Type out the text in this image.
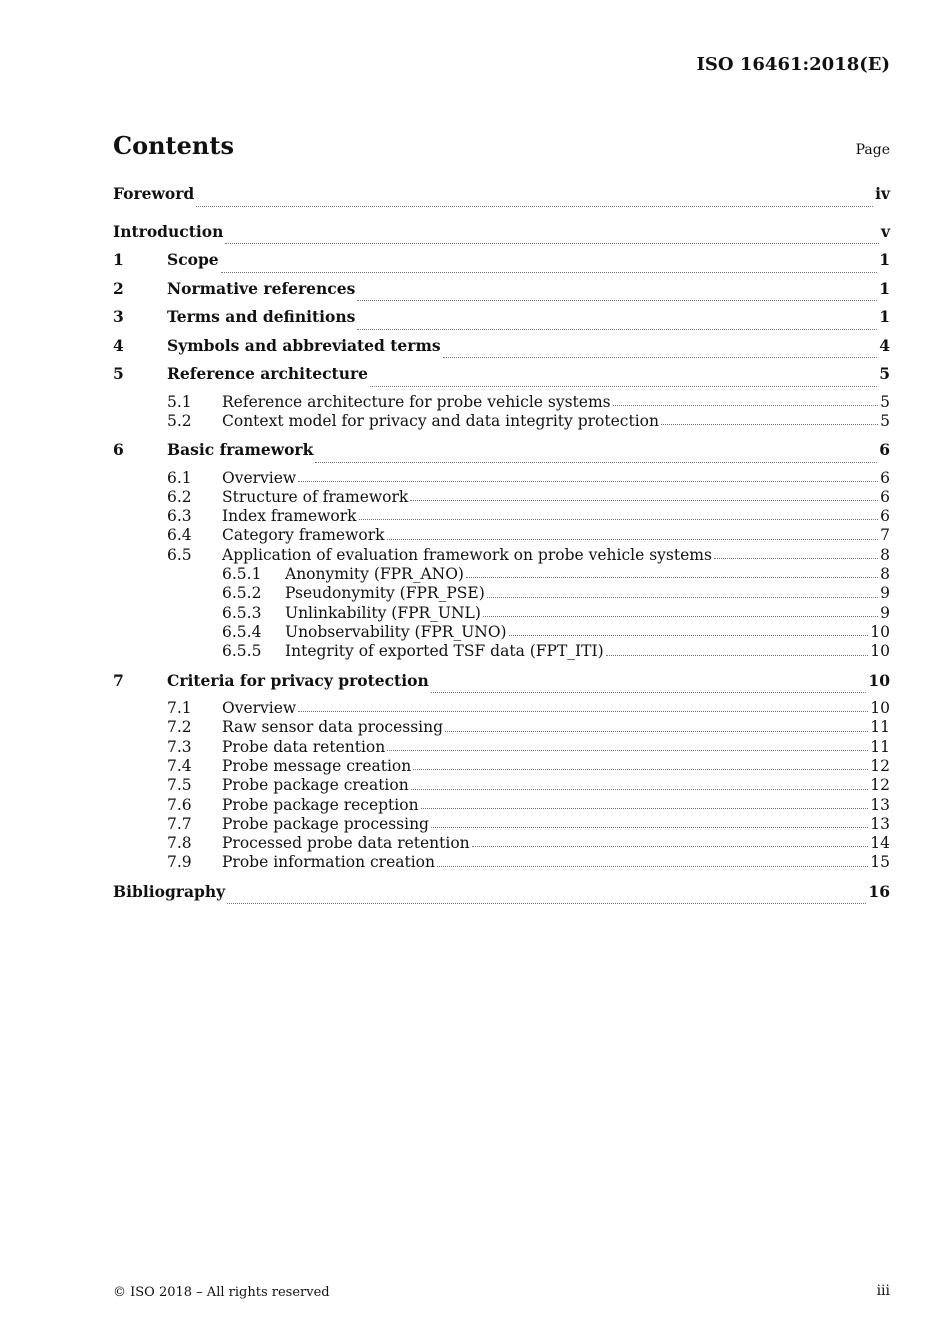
ISO 16461:2018(E)
Contents	Page
Foreword	iv
Introduction	v
1	Scope	1
2	Normative references	1
3	Terms and definitions	1
4	Symbols and abbreviated terms	4
5	Reference architecture	5
5.1	Reference architecture for probe vehicle systems	5
5.2	Context model for privacy and data integrity protection	5
6	Basic framework	6
6.1	Overview	6
6.2	Structure of framework	6
6.3	Index framework	6
6.4	Category framework	7
6.5	Application of evaluation framework on probe vehicle systems	8
6.5.1	Anonymity (FPR_ANO)	8
6.5.2	Pseudonymity (FPR_PSE)	9
6.5.3	Unlinkability (FPR_UNL)	9
6.5.4	Unobservability (FPR_UNO)	10
6.5.5	Integrity of exported TSF data (FPT_ITI)	10
7	Criteria for privacy protection	10
7.1	Overview	10
7.2	Raw sensor data processing	11
7.3	Probe data retention	11
7.4	Probe message creation	12
7.5	Probe package creation	12
7.6	Probe package reception	13
7.7	Probe package processing	13
7.8	Processed probe data retention	14
7.9	Probe information creation	15
Bibliography	16
© ISO 2018 – All rights reserved	iii
